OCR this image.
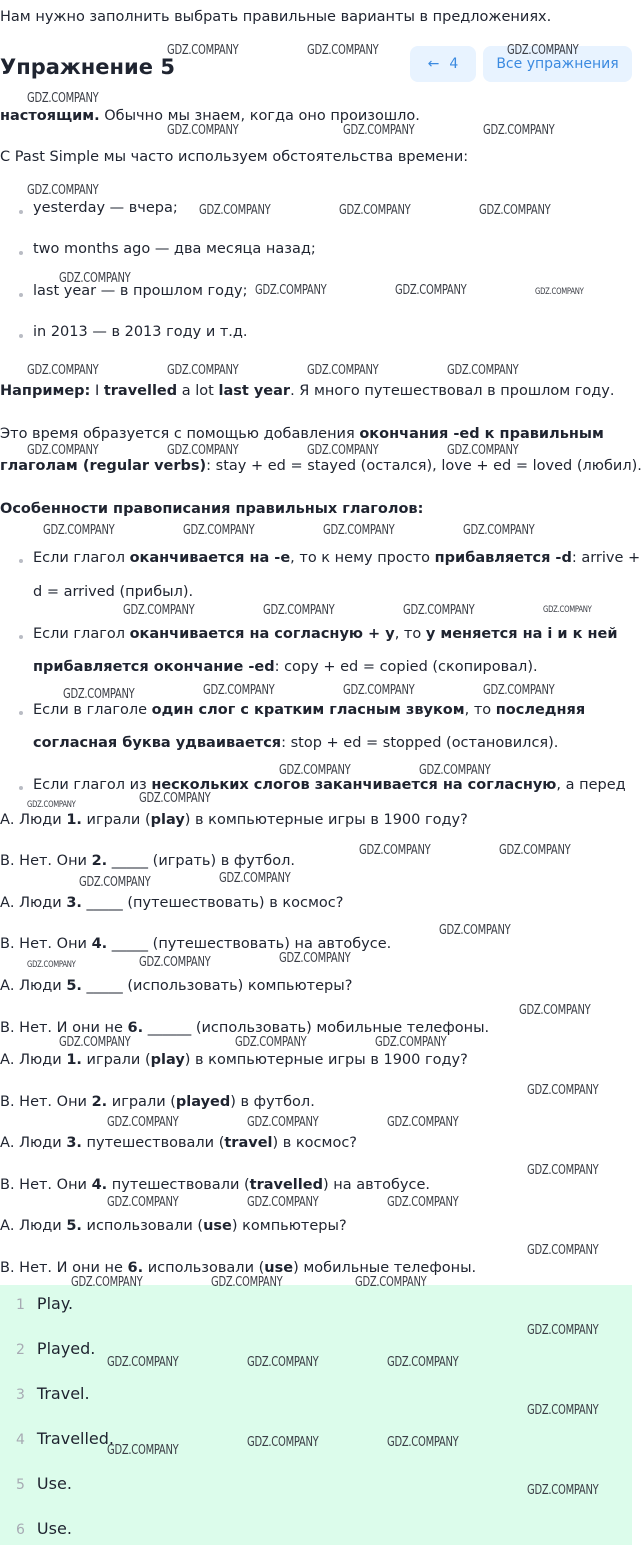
Нам нужно заполнить выбрать правильные варианты в предложениях.
Упражнение 5	← 4	Все упражнения
настоящим. Обычно мы знаем, когда оно произошло.
С Past Simple мы часто используем обстоятельства времени:
yesterday — вчера;
two months ago — два месяца назад;
last year — в прошлом году;
in 2013 — в 2013 году и т.д.
Например: I travelled a lot last year. Я много путешествовал в прошлом году.
Это время образуется с помощью добавления окончания -ed к правильным
глаголам (regular verbs): stay + ed = stayed (остался), love + ed = loved (любил).
Особенности правописания правильных глаголов:
Если глагол оканчивается на -е, то к нему просто прибавляется -d: arrive +
d = arrived (прибыл).
Если глагол оканчивается на согласную + у, то у меняется на i и к ней
прибавляется окончание -ed: copy + ed = copied (скопировал).
Если в глаголе один слог с кратким гласным звуком, то последняя
согласная буква удваивается: stop + ed = stopped (остановился).
Если глагол из нескольких слогов заканчивается на согласную, а перед
А. Люди 1. играли (play) в компьютерные игры в 1900 году?
В. Нет. Они 2. _____ (играть) в футбол.
А. Люди 3. _____ (путешествовать) в космос?
В. Нет. Они 4. _____ (путешествовать) на автобусе.
А. Люди 5. _____ (использовать) компьютеры?
В. Нет. И они не 6. ______ (использовать) мобильные телефоны.
А. Люди 1. играли (play) в компьютерные игры в 1900 году?
В. Нет. Они 2. играли (played) в футбол.
А. Люди 3. путешествовали (travel) в космос?
В. Нет. Они 4. путешествовали (travelled) на автобусе.
А. Люди 5. использовали (use) компьютеры?
В. Нет. И они не 6. использовали (use) мобильные телефоны.
1 Play.
2 Played.
3 Travel.
4 Travelled.
5 Use.
6 Use.
GDZ.COMPANY	GDZ.COMPANY	GDZ.COMPANY
GDZ.COMPANY
GDZ.COMPANY	GDZ.COMPANY	GDZ.COMPANY
GDZ.COMPANY
GDZ.COMPANY	GDZ.COMPANY	GDZ.COMPANY
GDZ.COMPANY
GDZ.COMPANY	GDZ.COMPANY	GDZ.COMPANY
GDZ.COMPANY	GDZ.COMPANY	GDZ.COMPANY	GDZ.COMPANY
GDZ.COMPANY	GDZ.COMPANY	GDZ.COMPANY	GDZ.COMPANY
GDZ.COMPANY	GDZ.COMPANY	GDZ.COMPANY	GDZ.COMPANY
GDZ.COMPANY	GDZ.COMPANY	GDZ.COMPANY	GDZ.COMPANY
GDZ.COMPANY	GDZ.COMPANY	GDZ.COMPANY	GDZ.COMPANY
GDZ.COMPANY	GDZ.COMPANY
GDZ.COMPANY	GDZ.COMPANY
GDZ.COMPANY	GDZ.COMPANY
GDZ.COMPANY	GDZ.COMPANY
GDZ.COMPANY
GDZ.COMPANY	GDZ.COMPANY	GDZ.COMPANY
GDZ.COMPANY
GDZ.COMPANY	GDZ.COMPANY	GDZ.COMPANY
GDZ.COMPANY
GDZ.COMPANY	GDZ.COMPANY	GDZ.COMPANY
GDZ.COMPANY
GDZ.COMPANY	GDZ.COMPANY	GDZ.COMPANY
GDZ.COMPANY
GDZ.COMPANY	GDZ.COMPANY	GDZ.COMPANY
GDZ.COMPANY
GDZ.COMPANY	GDZ.COMPANY	GDZ.COMPANY
GDZ.COMPANY
GDZ.COMPANY
GDZ.COMPANY	GDZ.COMPANY
GDZ.COMPANY
